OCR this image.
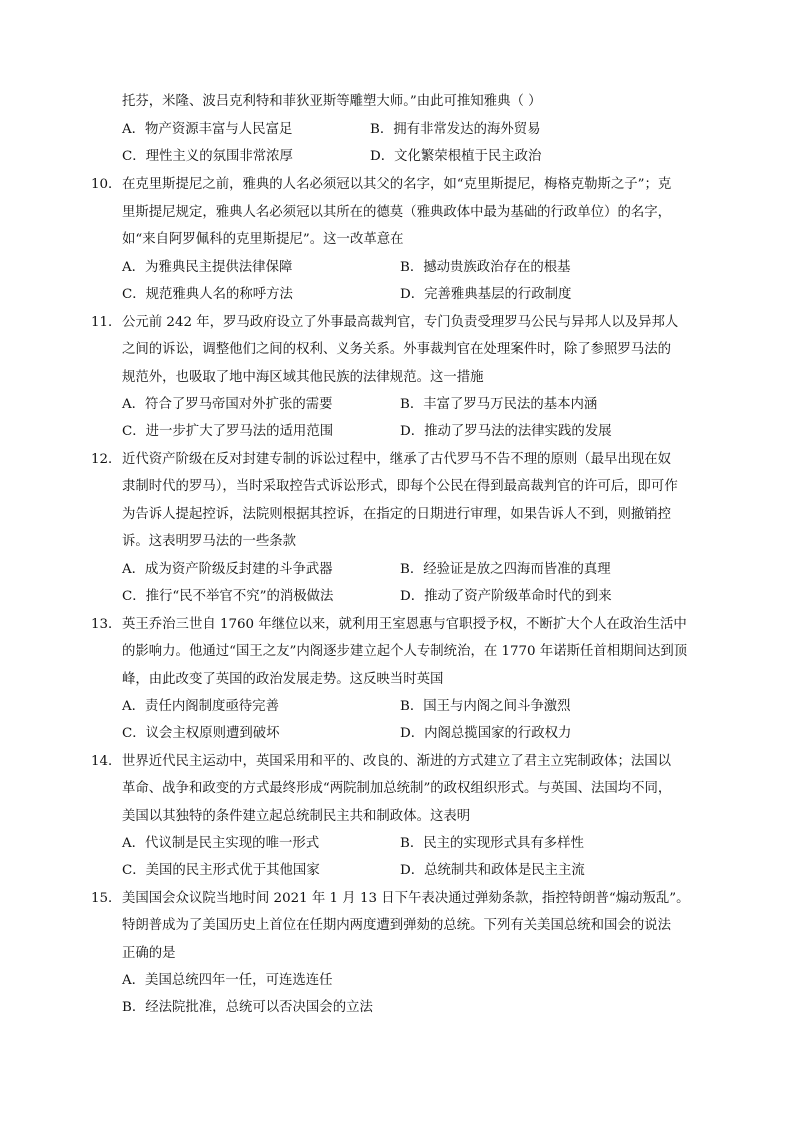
托芬，米隆、波吕克利特和菲狄亚斯等雕塑大师。”由此可推知雅典（ ）
A．物产资源丰富与人民富足	B．拥有非常发达的海外贸易
C．理性主义的氛围非常浓厚	D．文化繁荣根植于民主政治
10． 在克里斯提尼之前，雅典的人名必须冠以其父的名字，如“克里斯提尼，梅格克勒斯之子”；克
里斯提尼规定，雅典人名必须冠以其所在的德莫（雅典政体中最为基础的行政单位）的名字，
如“来自阿罗佩科的克里斯提尼”。这一改革意在
A．为雅典民主提供法律保障	B．撼动贵族政治存在的根基
C．规范雅典人名的称呼方法	D．完善雅典基层的行政制度
11． 公元前 242 年，罗马政府设立了外事最高裁判官，专门负责受理罗马公民与异邦人以及异邦人
之间的诉讼，调整他们之间的权利、义务关系。外事裁判官在处理案件时，除了参照罗马法的
规范外，也吸取了地中海区域其他民族的法律规范。这一措施
A．符合了罗马帝国对外扩张的需要	B．丰富了罗马万民法的基本内涵
C．进一步扩大了罗马法的适用范围	D．推动了罗马法的法律实践的发展
12． 近代资产阶级在反对封建专制的诉讼过程中，继承了古代罗马不告不理的原则（最早出现在奴
隶制时代的罗马），当时采取控告式诉讼形式，即每个公民在得到最高裁判官的许可后，即可作
为告诉人提起控诉，法院则根据其控诉，在指定的日期进行审理，如果告诉人不到，则撤销控
诉。这表明罗马法的一些条款
A．成为资产阶级反封建的斗争武器	B．经验证是放之四海而皆准的真理
C．推行“民不举官不究”的消极做法	D．推动了资产阶级革命时代的到来
13． 英王乔治三世自 1760 年继位以来，就利用王室恩惠与官职授予权，不断扩大个人在政治生活中
的影响力。他通过“国王之友”内阁逐步建立起个人专制统治，在 1770 年诺斯任首相期间达到顶
峰，由此改变了英国的政治发展走势。这反映当时英国
A．责任内阁制度亟待完善	B．国王与内阁之间斗争激烈
C．议会主权原则遭到破坏	D．内阁总揽国家的行政权力
14． 世界近代民主运动中，英国采用和平的、改良的、渐进的方式建立了君主立宪制政体；法国以
革命、战争和政变的方式最终形成“两院制加总统制”的政权组织形式。与英国、法国均不同，
美国以其独特的条件建立起总统制民主共和制政体。这表明
A．代议制是民主实现的唯一形式	B．民主的实现形式具有多样性
C．美国的民主形式优于其他国家	D．总统制共和政体是民主主流
15． 美国国会众议院当地时间 2021 年 1 月 13 日下午表决通过弹劾条款，指控特朗普“煽动叛乱”。
特朗普成为了美国历史上首位在任期内两度遭到弹劾的总统。下列有关美国总统和国会的说法
正确的是
A．美国总统四年一任，可连选连任
B．经法院批准，总统可以否决国会的立法
